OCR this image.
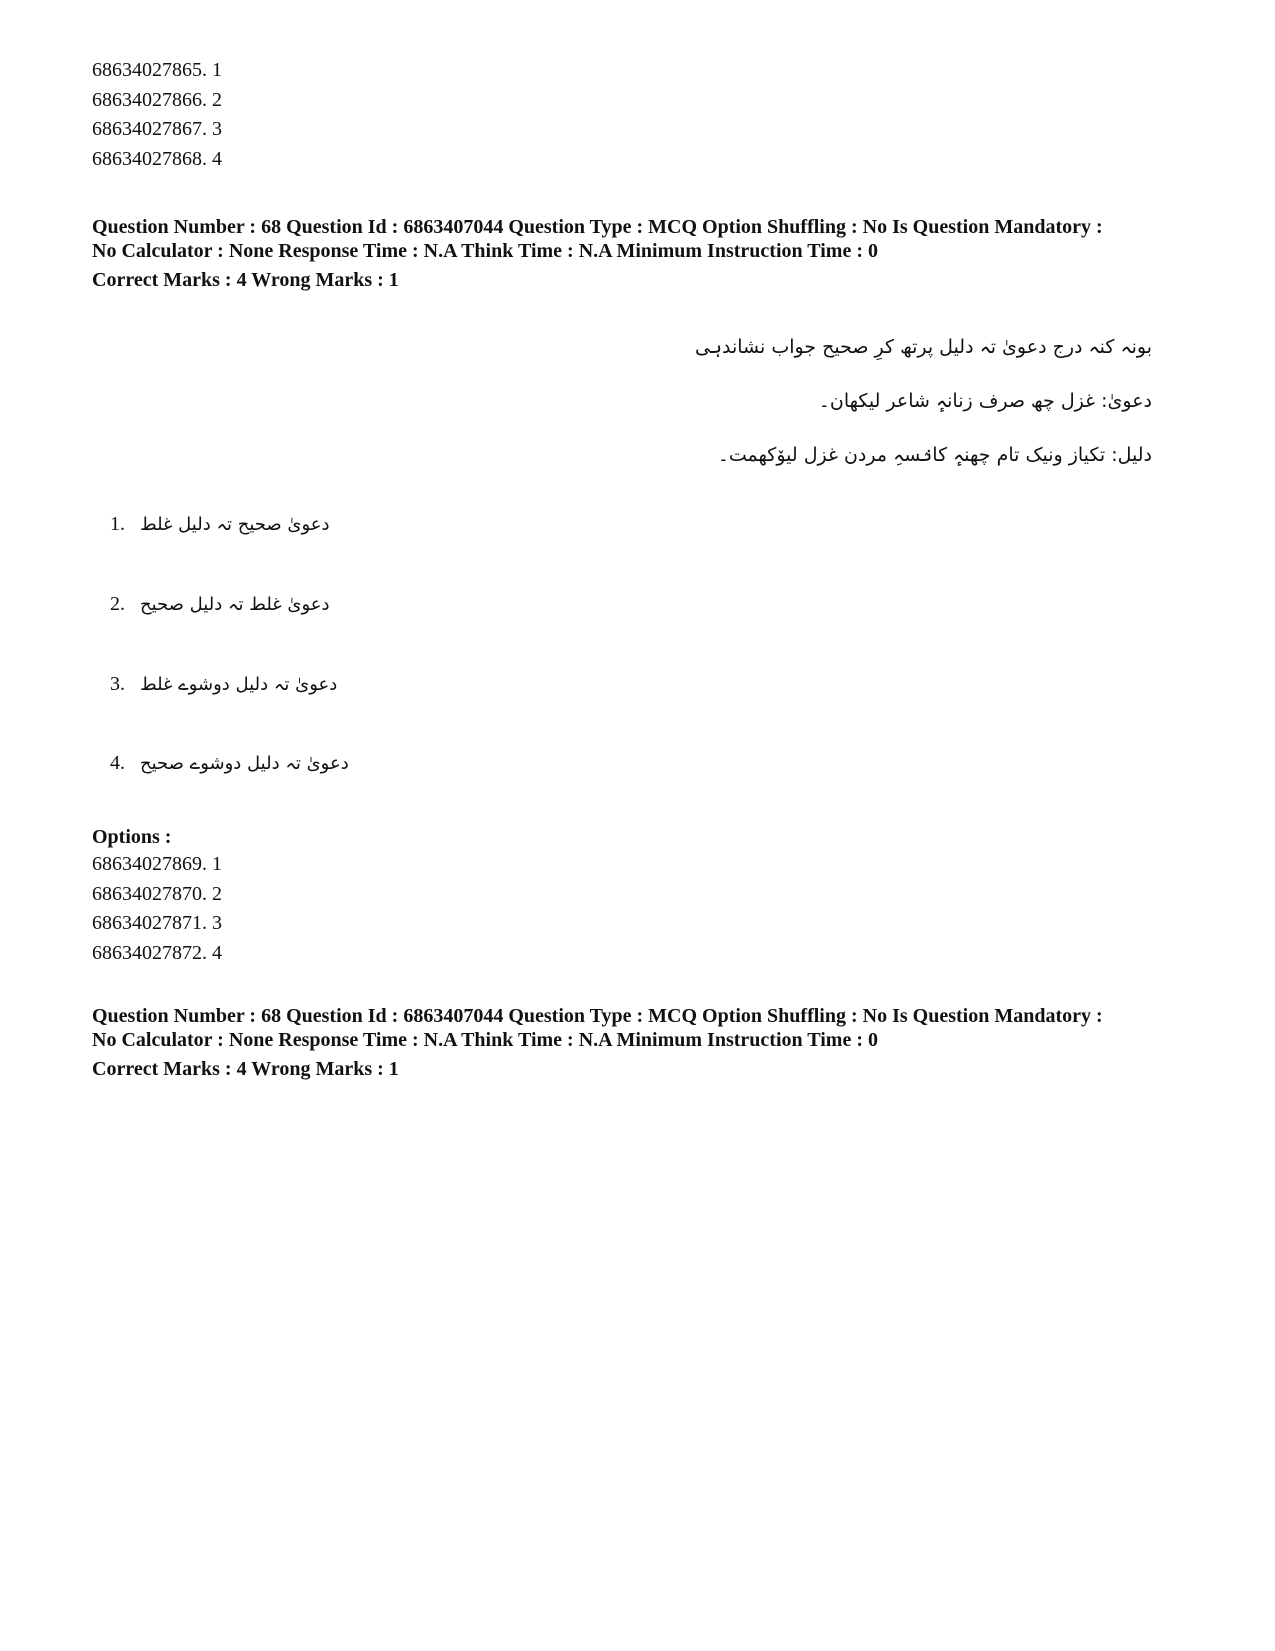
68634027865. 1
68634027866. 2
68634027867. 3
68634027868. 4
Question Number : 68 Question Id : 6863407044 Question Type : MCQ Option Shuffling : No Is Question Mandatory :
No Calculator : None Response Time : N.A Think Time : N.A Minimum Instruction Time : 0
Correct Marks : 4 Wrong Marks : 1
بونہ کنہ درج دعویٰ تہ دلیل پرتھ کرِ صحیح جواب نشاندہی
دعویٰ: غزل چھ صرف زنانہٕ شاعر لیکھان۔
دلیل: تکیاز ونیک تام چھنہٕ کانٛسہِ مردن غزل لیوٚکھمت۔
1. دعویٰ صحیح تہ دلیل غلط
2. دعویٰ غلط تہ دلیل صحیح
3. دعویٰ تہ دلیل دوشوے غلط
4. دعویٰ تہ دلیل دوشوے صحیح
Options :
68634027869. 1
68634027870. 2
68634027871. 3
68634027872. 4
Question Number : 68 Question Id : 6863407044 Question Type : MCQ Option Shuffling : No Is Question Mandatory :
No Calculator : None Response Time : N.A Think Time : N.A Minimum Instruction Time : 0
Correct Marks : 4 Wrong Marks : 1
